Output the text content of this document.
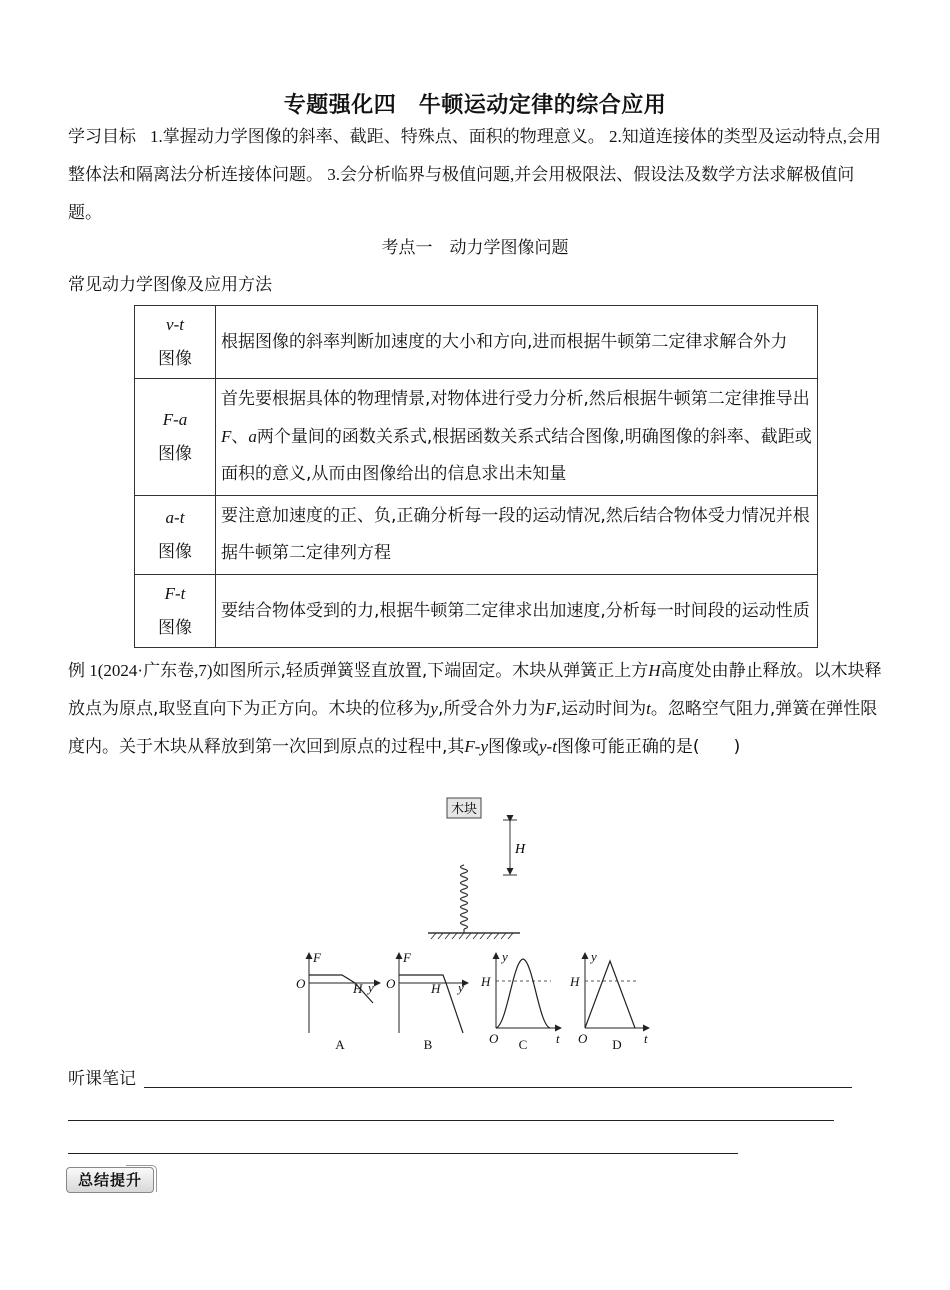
专题强化四　牛顿运动定律的综合应用
学习目标 1.掌握动力学图像的斜率、截距、特殊点、面积的物理意义。 2.知道连接体的类型及运动特点,会用整体法和隔离法分析连接体问题。 3.会分析临界与极值问题,并会用极限法、假设法及数学方法求解极值问题。
考点一　动力学图像问题
常见动力学图像及应用方法
v-t
图像	根据图像的斜率判断加速度的大小和方向,进而根据牛顿第二定律求解合外力
F-a
图像	首先要根据具体的物理情景,对物体进行受力分析,然后根据牛顿第二定律推导出F、a两个量间的函数关系式,根据函数关系式结合图像,明确图像的斜率、截距或面积的意义,从而由图像给出的信息求出未知量
a-t
图像	要注意加速度的正、负,正确分析每一段的运动情况,然后结合物体受力情况并根据牛顿第二定律列方程
F-t
图像	要结合物体受到的力,根据牛顿第二定律求出加速度,分析每一时间段的运动性质
例 1(2024·广东卷,7)如图所示,轻质弹簧竖直放置,下端固定。木块从弹簧正上方H高度处由静止释放。以木块释放点为原点,取竖直向下为正方向。木块的位移为y,所受合外力为F,运动时间为t。忽略空气阻力,弹簧在弹性限度内。关于木块从释放到第一次回到原点的过程中,其F-y图像或y-t图像可能正确的是(　　)
木块
H
F
O	H y
A
F
O	H y
B
y
H
O	t
C
y
H
O	t
D
听课笔记
总结提升
